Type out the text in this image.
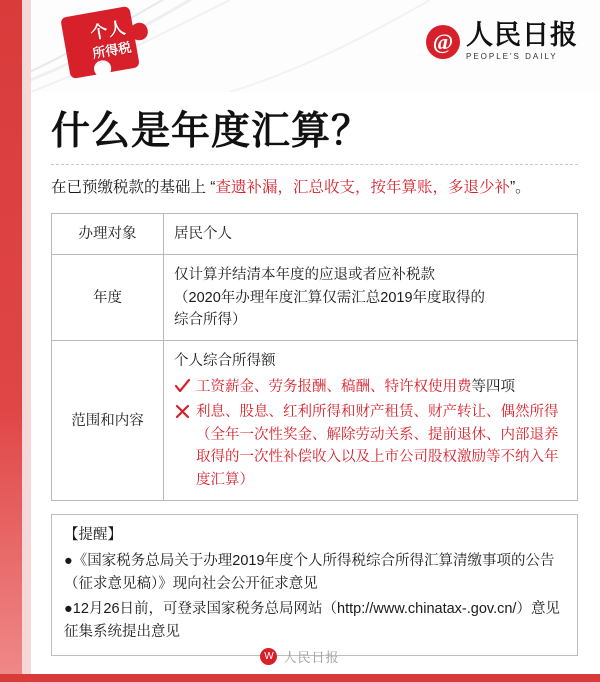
个人
所得税	@ 人民日报
PEOPLE'S DAILY
什么是年度汇算？
在已预缴税款的基础上 “查遗补漏，汇总收支，按年算账，多退少补”。
办理对象	居民个人
年度	仅计算并结清本年度的应退或者应补税款
（2020年办理年度汇算仅需汇总2019年度取得的
综合所得）

范围和内容	个人综合所得额
工资薪金、劳务报酬、稿酬、特许权使用费等四项
利息、股息、红利所得和财产租赁、财产转让、偶然所得（全年一次性奖金、解除劳动关系、提前退休、内部退养取得的一次性补偿收入以及上市公司股权激励等不纳入年度汇算）
【提醒】
●《国家税务总局关于办理2019年度个人所得税综合所得汇算清缴事项的公告（征求意见稿）》现向社会公开征求意见
●12月26日前，可登录国家税务总局网站（http://www.chinatax-.gov.cn/）意见征集系统提出意见
W 人民日报
